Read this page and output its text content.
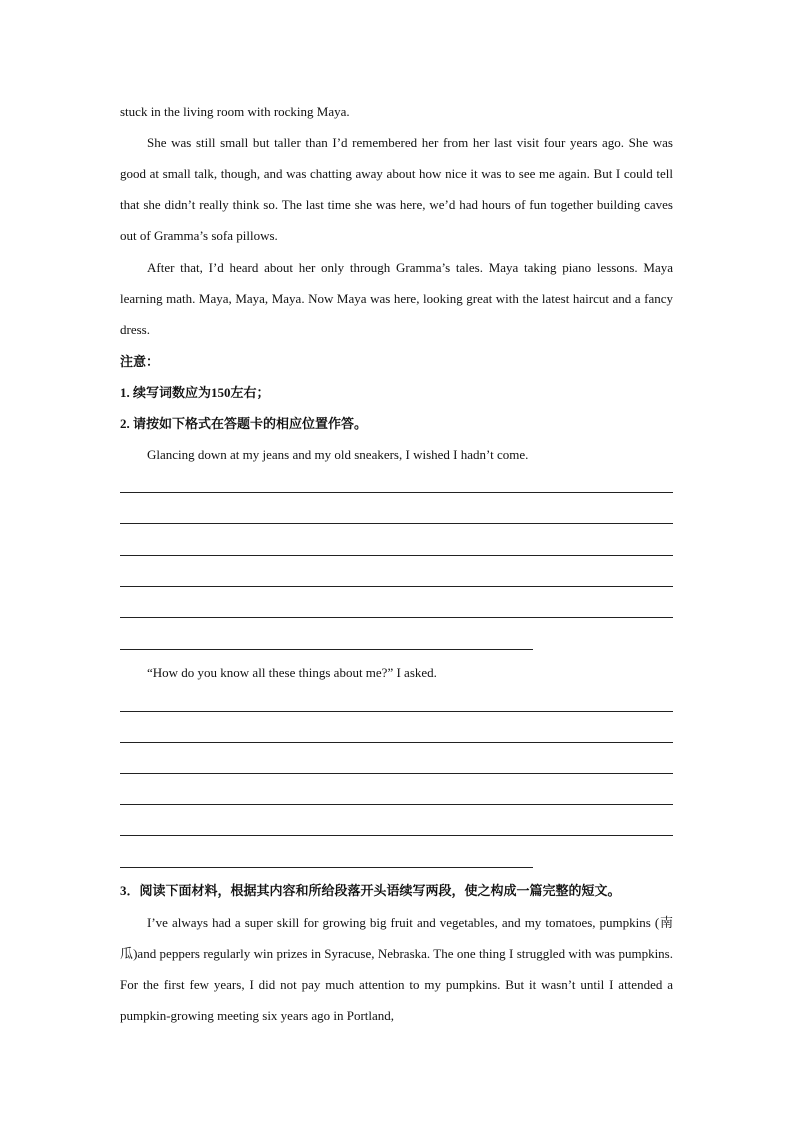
stuck in the living room with rocking Maya.

She was still small but taller than I’d remembered her from her last visit four years ago. She was good at small talk, though, and was chatting away about how nice it was to see me again. But I could tell that she didn’t really think so. The last time she was here, we’d had hours of fun together building caves out of Gramma’s sofa pillows.

After that, I’d heard about her only through Gramma’s tales. Maya taking piano lessons. Maya learning math. Maya, Maya, Maya. Now Maya was here, looking great with the latest haircut and a fancy dress.

注意：

1. 续写词数应为150左右；

2. 请按如下格式在答题卡的相应位置作答。

Glancing down at my jeans and my old sneakers, I wished I hadn’t come.

“How do you know all these things about me?” I asked.

3．阅读下面材料，根据其内容和所给段落开头语续写两段，使之构成一篇完整的短文。

I’ve always had a super skill for growing big fruit and vegetables, and my tomatoes, pumpkins (南瓜)and peppers regularly win prizes in Syracuse, Nebraska. The one thing I struggled with was pumpkins. For the first few years, I did not pay much attention to my pumpkins. But it wasn’t until I attended a pumpkin-growing meeting six years ago in Portland,
